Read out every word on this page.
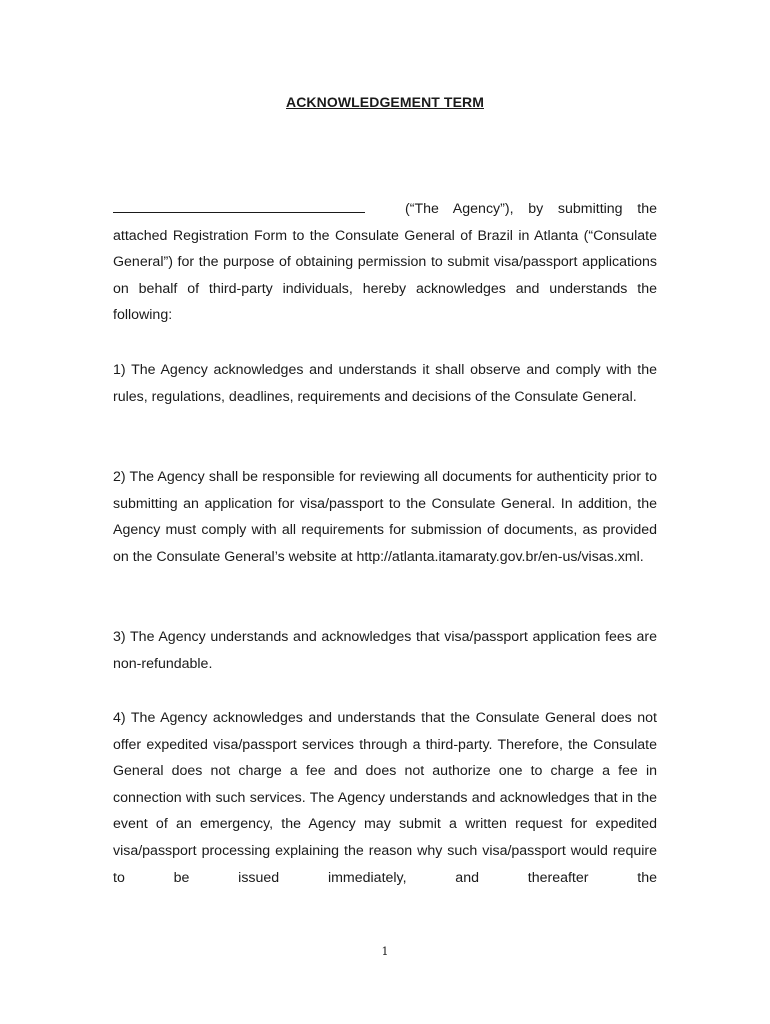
ACKNOWLEDGEMENT TERM
(“The Agency”), by submitting the
attached Registration Form to the Consulate General of Brazil in Atlanta (“Consulate General”) for the purpose of obtaining permission to submit visa/passport applications on behalf of third-party individuals, hereby acknowledges and understands the following:
1) The Agency acknowledges and understands it shall observe and comply with the rules, regulations, deadlines, requirements and decisions of the Consulate General.
2) The Agency shall be responsible for reviewing all documents for authenticity prior to submitting an application for visa/passport to the Consulate General. In addition, the Agency must comply with all requirements for submission of documents, as provided on the Consulate General’s website at http://atlanta.itamaraty.gov.br/en-us/visas.xml.
3) The Agency understands and acknowledges that visa/passport application fees are non-refundable.
4) The Agency acknowledges and understands that the Consulate General does not offer expedited visa/passport services through a third-party. Therefore, the Consulate General does not charge a fee and does not authorize one to charge a fee in connection with such services. The Agency understands and acknowledges that in the event of an emergency, the Agency may submit a written request for expedited visa/passport processing explaining the reason why such visa/passport would require to be issued immediately, and thereafter the
1
